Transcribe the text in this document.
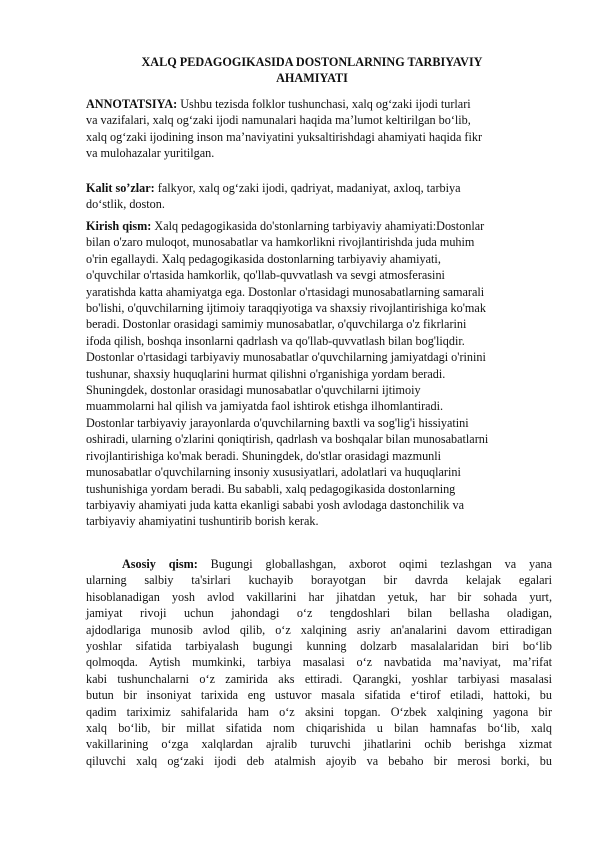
XALQ PEDAGOGIKASIDA DOSTONLARNING TARBIYAVIY
AHAMIYATI

ANNOTATSIYA: Ushbu tezisda folklor tushunchasi, xalq og‘zaki ijodi turlari
va vazifalari, xalq og‘zaki ijodi namunalari haqida ma’lumot keltirilgan bo‘lib,
xalq og‘zaki ijodining inson ma’naviyatini yuksaltirishdagi ahamiyati haqida fikr
va mulohazalar yuritilgan.

Kalit so’zlar: falkyor, xalq og‘zaki ijodi, qadriyat, madaniyat, axloq, tarbiya
do‘stlik, doston.

Kirish qism: Xalq pedagogikasida do'stonlarning tarbiyaviy ahamiyati:Dostonlar
bilan o'zaro muloqot, munosabatlar va hamkorlikni rivojlantirishda juda muhim
o'rin egallaydi. Xalq pedagogikasida dostonlarning tarbiyaviy ahamiyati,
o'quvchilar o'rtasida hamkorlik, qo'llab-quvvatlash va sevgi atmosferasini
yaratishda katta ahamiyatga ega. Dostonlar o'rtasidagi munosabatlarning samarali
bo'lishi, o'quvchilarning ijtimoiy taraqqiyotiga va shaxsiy rivojlantirishiga ko'mak
beradi. Dostonlar orasidagi samimiy munosabatlar, o'quvchilarga o'z fikrlarini
ifoda qilish, boshqa insonlarni qadrlash va qo'llab-quvvatlash bilan bog'liqdir.
Dostonlar o'rtasidagi tarbiyaviy munosabatlar o'quvchilarning jamiyatdagi o'rinini
tushunar, shaxsiy huquqlarini hurmat qilishni o'rganishiga yordam beradi.
Shuningdek, dostonlar orasidagi munosabatlar o'quvchilarni ijtimoiy
muammolarni hal qilish va jamiyatda faol ishtirok etishga ilhomlantiradi.
Dostonlar tarbiyaviy jarayonlarda o'quvchilarning baxtli va sog'lig'i hissiyatini
oshiradi, ularning o'zlarini qoniqtirish, qadrlash va boshqalar bilan munosabatlarni
rivojlantirishiga ko'mak beradi. Shuningdek, do'stlar orasidagi mazmunli
munosabatlar o'quvchilarning insoniy xususiyatlari, adolatlari va huquqlarini
tushunishiga yordam beradi. Bu sababli, xalq pedagogikasida dostonlarning
tarbiyaviy ahamiyati juda katta ekanligi sababi yosh avlodaga dastonchilik va
tarbiyaviy ahamiyatini tushuntirib borish kerak.

Asosiy qism: Bugungi globallashgan, axborot oqimi tezlashgan va yana
ularning salbiy ta'sirlari kuchayib borayotgan bir davrda kelajak egalari
hisoblanadigan yosh avlod vakillarini har jihatdan yetuk, har bir sohada yurt,
jamiyat rivoji uchun jahondagi o‘z tengdoshlari bilan bellasha oladigan,
ajdodlariga munosib avlod qilib, o‘z xalqining asriy an'analarini davom ettiradigan
yoshlar sifatida tarbiyalash bugungi kunning dolzarb masalalaridan biri bo‘lib
qolmoqda. Aytish mumkinki, tarbiya masalasi o‘z navbatida ma’naviyat, ma’rifat
kabi tushunchalarni o‘z zamirida aks ettiradi. Qarangki, yoshlar tarbiyasi masalasi
butun bir insoniyat tarixida eng ustuvor masala sifatida e‘tirof etiladi, hattoki, bu
qadim tariximiz sahifalarida ham o‘z aksini topgan. O‘zbek xalqining yagona bir
xalq bo‘lib, bir millat sifatida nom chiqarishida u bilan hamnafas bo‘lib, xalq
vakillarining o‘zga xalqlardan ajralib turuvchi jihatlarini ochib berishga xizmat
qiluvchi xalq og‘zaki ijodi deb atalmish ajoyib va bebaho bir merosi borki, bu
